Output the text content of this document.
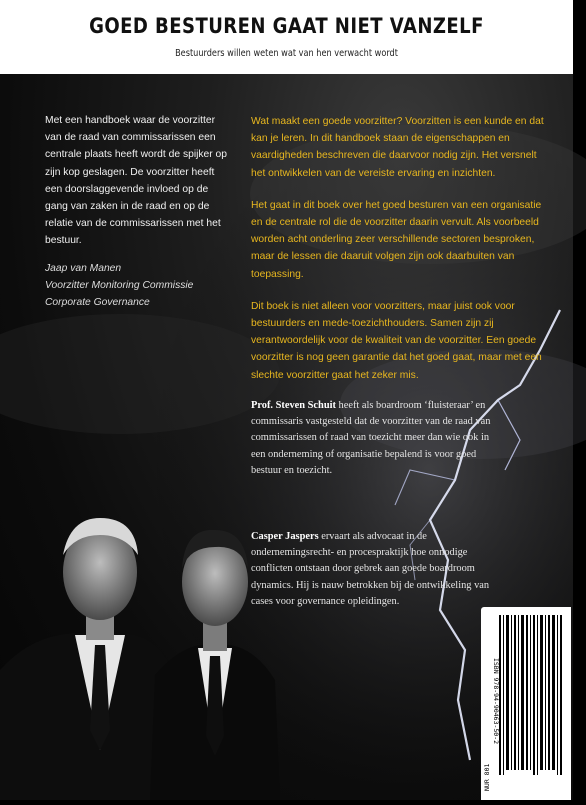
GOED BESTUREN GAAT NIET VANZELF
Bestuurders willen weten wat van hen verwacht wordt

Met een handboek waar de voorzitter van de raad van commissarissen een centrale plaats heeft wordt de spijker op zijn kop geslagen. De voorzitter heeft een doorslaggevende invloed op de gang van zaken in de raad en op de relatie van de commissarissen met het bestuur.

Jaap van Manen
Voorzitter Monitoring Commissie Corporate Governance

Wat maakt een goede voorzitter? Voorzitten is een kunde en dat kan je leren. In dit handboek staan de eigenschappen en vaardigheden beschreven die daarvoor nodig zijn. Het versnelt het ontwikkelen van de vereiste ervaring en inzichten.

Het gaat in dit boek over het goed besturen van een organisatie en de centrale rol die de voorzitter daarin vervult. Als voorbeeld worden acht onderling zeer verschillende sectoren besproken, maar de lessen die daaruit volgen zijn ook daarbuiten van toepassing.

Dit boek is niet alleen voor voorzitters, maar juist ook voor bestuurders en mede-toezichthouders. Samen zijn zij verantwoordelijk voor de kwaliteit van de voorzitter. Een goede voorzitter is nog geen garantie dat het goed gaat, maar met een slechte voorzitter gaat het zeker mis.

Prof. Steven Schuit heeft als boardroom ‘fluisteraar’ en commissaris vastgesteld dat de voorzitter van de raad van commissarissen of raad van toezicht meer dan wie ook in een onderneming of organisatie bepalend is voor goed bestuur en toezicht.
Casper Jaspers ervaart als advocaat in de ondernemingsrecht- en procespraktijk hoe onnodige conflicten ontstaan door gebrek aan goede boardroom dynamics. Hij is nauw betrokken bij de ontwikkeling van cases voor governance opleidingen.
ISBN 978-94-90463-50-2	9 789490 463502
NUR 801
